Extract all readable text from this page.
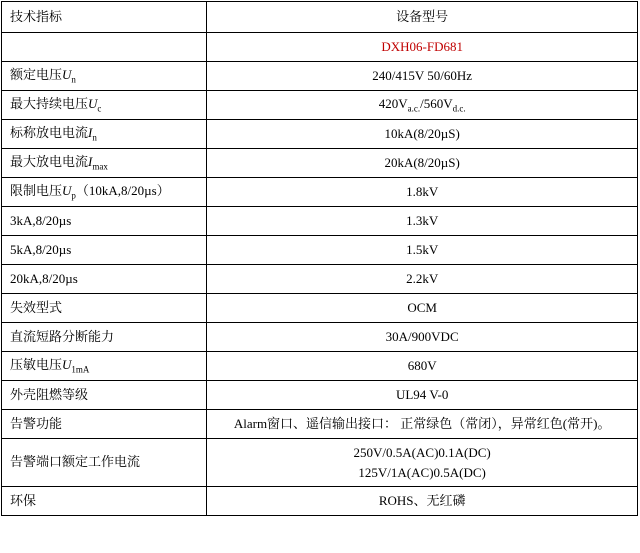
技术指标	设备型号
	DXH06-FD681
额定电压$U_n$	240/415V 50/60Hz
最大持续电压$U_c$	$420V_{a.c.}/560V_{d.c.}$
标称放电电流$I_n$	10kA(8/20µS)
最大放电电流$I_{max}$	20kA(8/20µS)
限制电压$U_p(10kA,8/20\mu s)$	1.8kV
3kA,8/20µs	1.3kV
5kA,8/20µs	1.5kV
20kA,8/20µs	2.2kV
失效型式	OCM
直流短路分断能力	30A/900VDC
压敏电压$U_{1mA}$	680V
外壳阻燃等级	UL94 V-0
告警功能	Alarm窗口、遥信输出接口： 正常绿色（常闭），异常红色(常开)。
告警端口额定工作电流	250V/0.5A(AC)0.1A(DC)
125V/1A(AC)0.5A(DC)

环保	ROHS、无红磷
